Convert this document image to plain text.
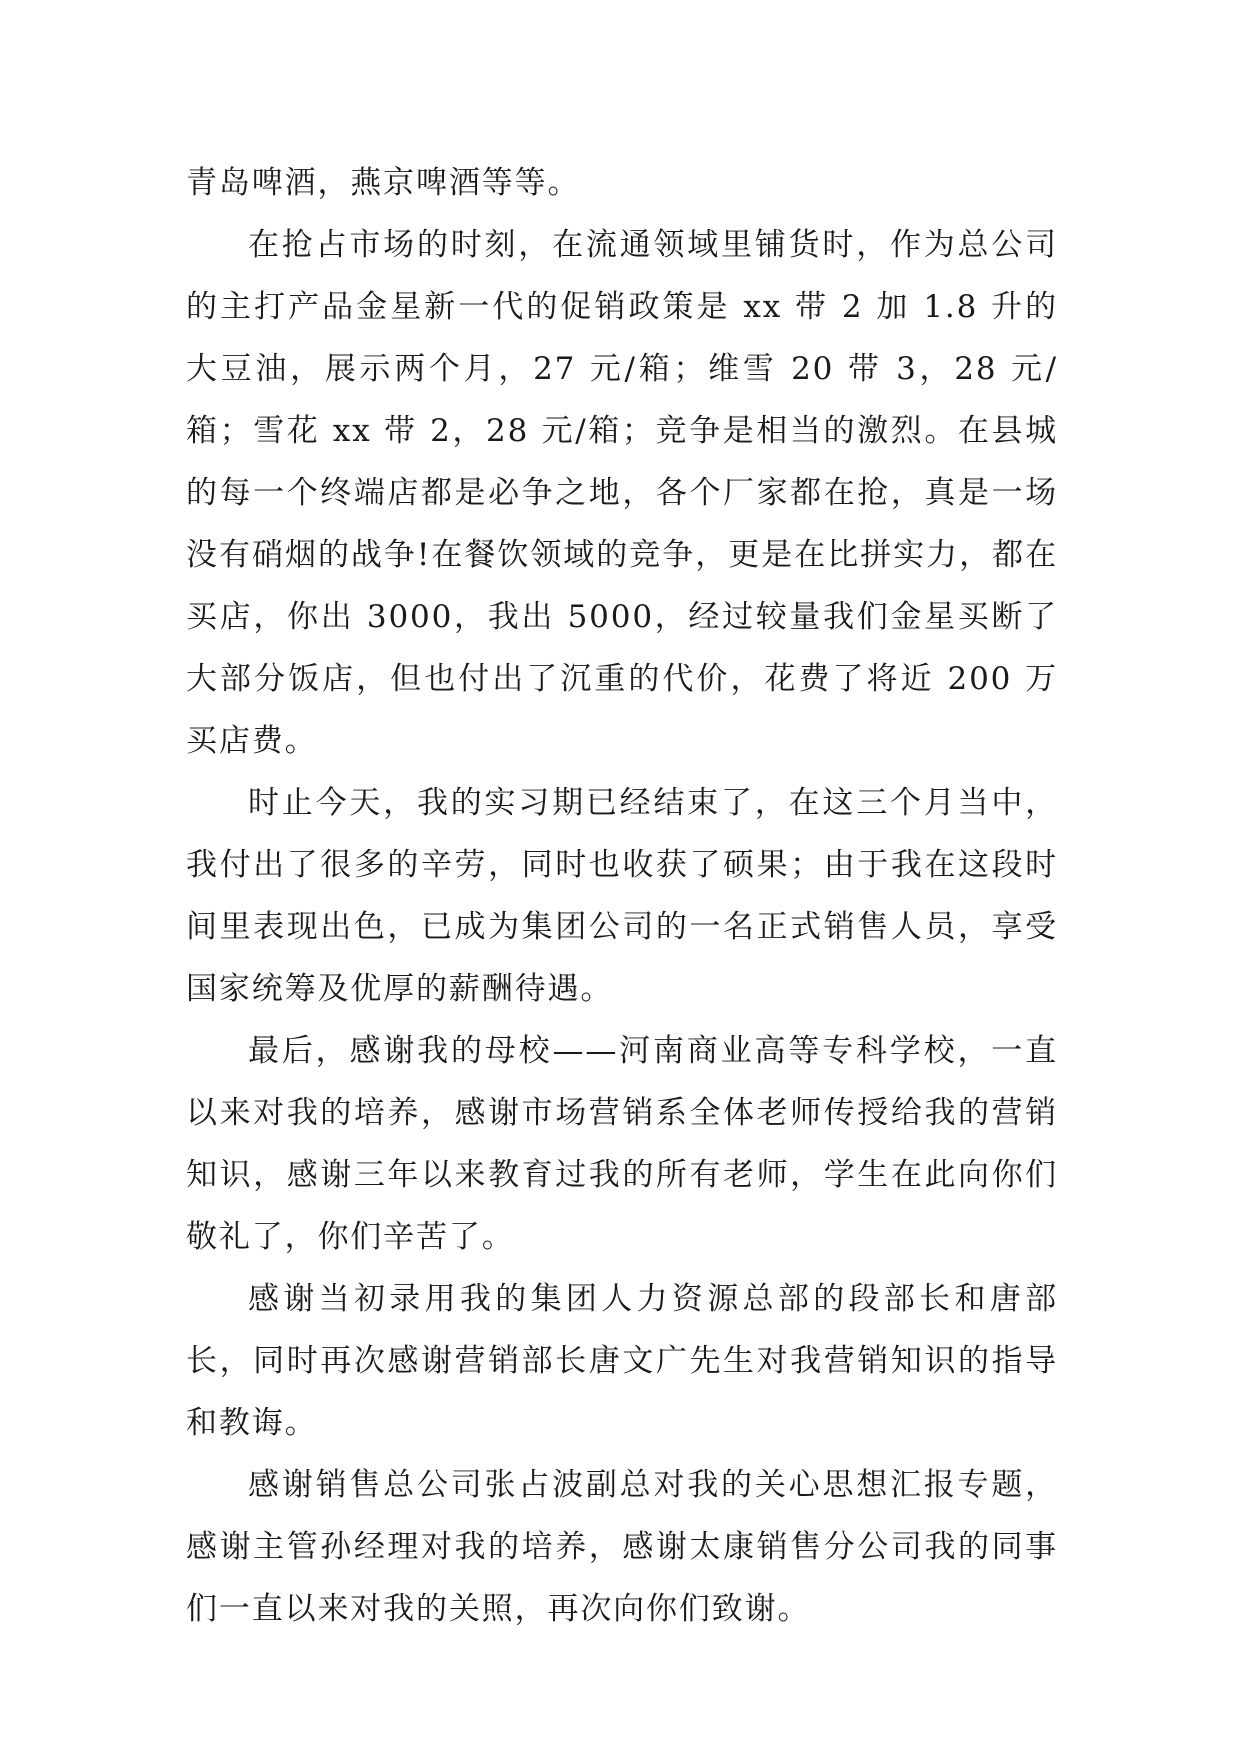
青岛啤酒，燕京啤酒等等。

在抢占市场的时刻，在流通领域里铺货时，作为总公司的主打产品金星新一代的促销政策是 xx 带 2 加 1.8 升的大豆油，展示两个月，27 元/箱；维雪 20 带 3，28 元/箱；雪花 xx 带 2，28 元/箱；竞争是相当的激烈。在县城的每一个终端店都是必争之地，各个厂家都在抢，真是一场没有硝烟的战争!在餐饮领域的竞争，更是在比拼实力，都在买店，你出 3000，我出 5000，经过较量我们金星买断了大部分饭店，但也付出了沉重的代价，花费了将近 200 万买店费。

时止今天，我的实习期已经结束了，在这三个月当中，我付出了很多的辛劳，同时也收获了硕果；由于我在这段时间里表现出色，已成为集团公司的一名正式销售人员，享受国家统筹及优厚的薪酬待遇。

最后，感谢我的母校——河南商业高等专科学校，一直以来对我的培养，感谢市场营销系全体老师传授给我的营销知识，感谢三年以来教育过我的所有老师，学生在此向你们敬礼了，你们辛苦了。

感谢当初录用我的集团人力资源总部的段部长和唐部长，同时再次感谢营销部长唐文广先生对我营销知识的指导和教诲。

感谢销售总公司张占波副总对我的关心思想汇报专题，感谢主管孙经理对我的培养，感谢太康销售分公司我的同事们一直以来对我的关照，再次向你们致谢。
